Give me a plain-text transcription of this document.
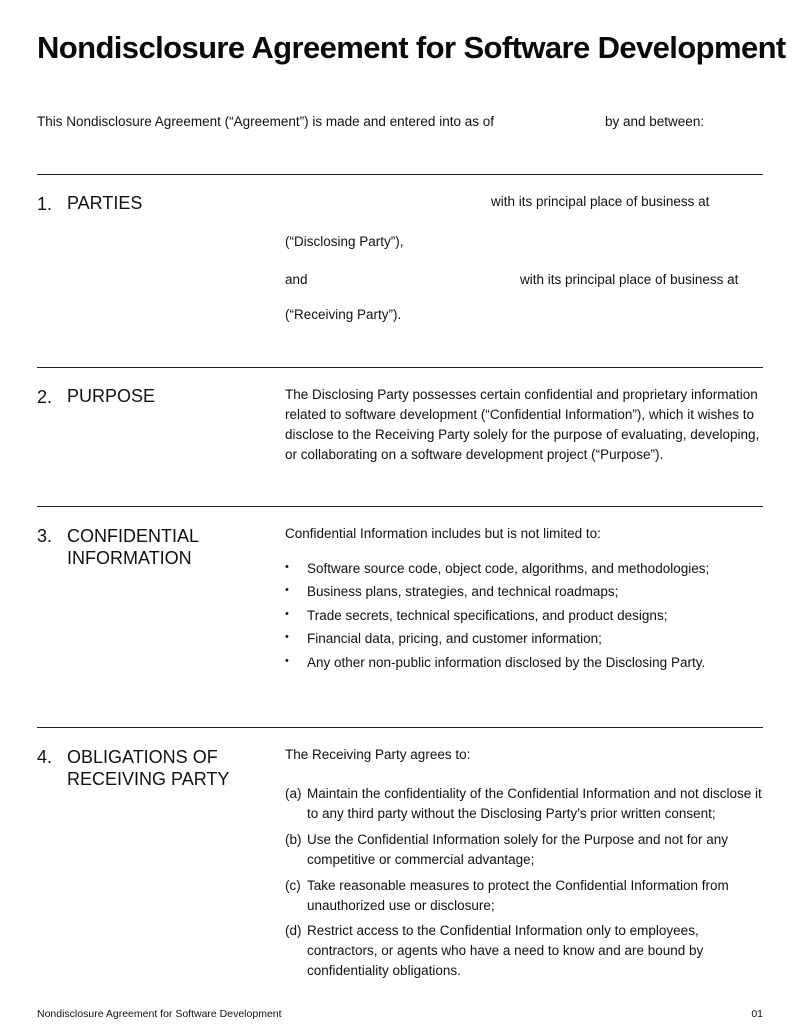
Nondisclosure Agreement for Software Development
This Nondisclosure Agreement (“Agreement”) is made and entered into as of	by and between:
1. PARTIES	with its principal place of business at
(“Disclosing Party”),
and	with its principal place of business at
(“Receiving Party”).
2. PURPOSE	The Disclosing Party possesses certain confidential and proprietary information
related to software development (“Confidential Information”), which it wishes to
disclose to the Receiving Party solely for the purpose of evaluating, developing,
or collaborating on a software development project (“Purpose”).
3. CONFIDENTIAL
INFORMATION
Confidential Information includes but is not limited to:
• Software source code, object code, algorithms, and methodologies;
• Business plans, strategies, and technical roadmaps;
• Trade secrets, technical specifications, and product designs;
• Financial data, pricing, and customer information;
• Any other non-public information disclosed by the Disclosing Party.
4. OBLIGATIONS OF
RECEIVING PARTY
The Receiving Party agrees to:
(a) Maintain the confidentiality of the Confidential Information and not disclose it
to any third party without the Disclosing Party’s prior written consent;
(b) Use the Confidential Information solely for the Purpose and not for any
competitive or commercial advantage;
(c) Take reasonable measures to protect the Confidential Information from
unauthorized use or disclosure;
(d) Restrict access to the Confidential Information only to employees,
contractors, or agents who have a need to know and are bound by
confidentiality obligations.
Nondisclosure Agreement for Software Development	01
